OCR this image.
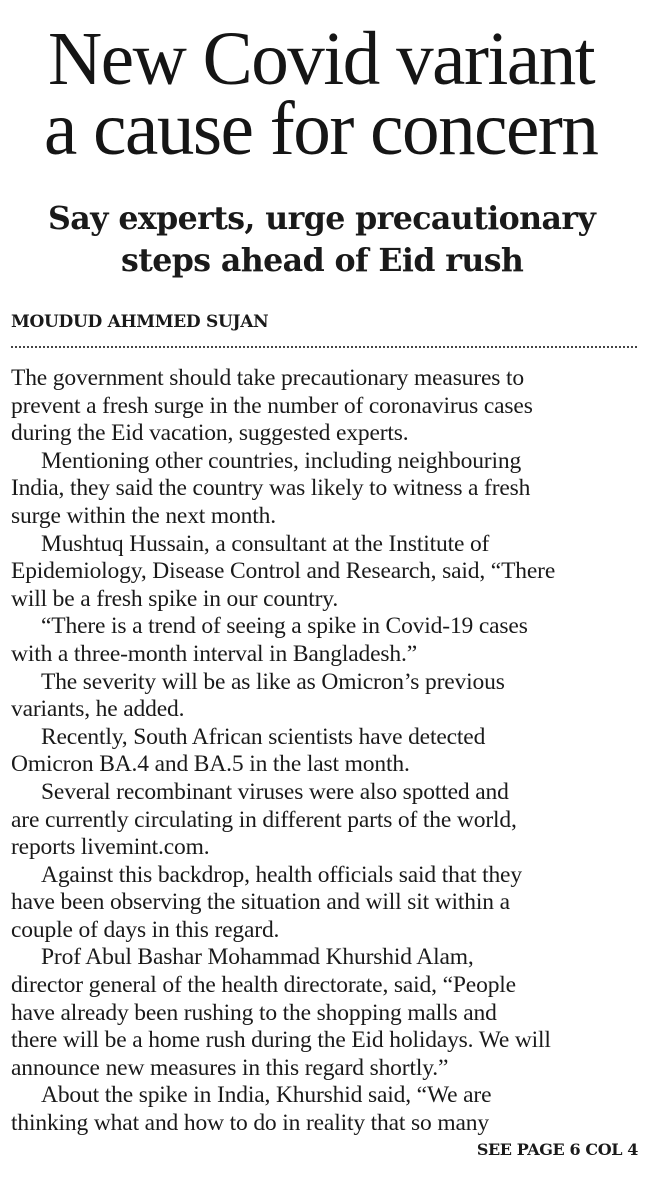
New Covid variant a cause for concern
Say experts, urge precautionary steps ahead of Eid rush
MOUDUD AHMMED SUJAN
The government should take precautionary measures to
prevent a fresh surge in the number of coronavirus cases
during the Eid vacation, suggested experts.
Mentioning other countries, including neighbouring
India, they said the country was likely to witness a fresh
surge within the next month.
Mushtuq Hussain, a consultant at the Institute of
Epidemiology, Disease Control and Research, said, “There
will be a fresh spike in our country.
“There is a trend of seeing a spike in Covid-19 cases
with a three-month interval in Bangladesh.”
The severity will be as like as Omicron’s previous
variants, he added.
Recently, South African scientists have detected
Omicron BA.4 and BA.5 in the last month.
Several recombinant viruses were also spotted and
are currently circulating in different parts of the world,
reports livemint.com.
Against this backdrop, health officials said that they
have been observing the situation and will sit within a
couple of days in this regard.
Prof Abul Bashar Mohammad Khurshid Alam,
director general of the health directorate, said, “People
have already been rushing to the shopping malls and
there will be a home rush during the Eid holidays. We will
announce new measures in this regard shortly.”
About the spike in India, Khurshid said, “We are
thinking what and how to do in reality that so many
SEE PAGE 6 COL 4
